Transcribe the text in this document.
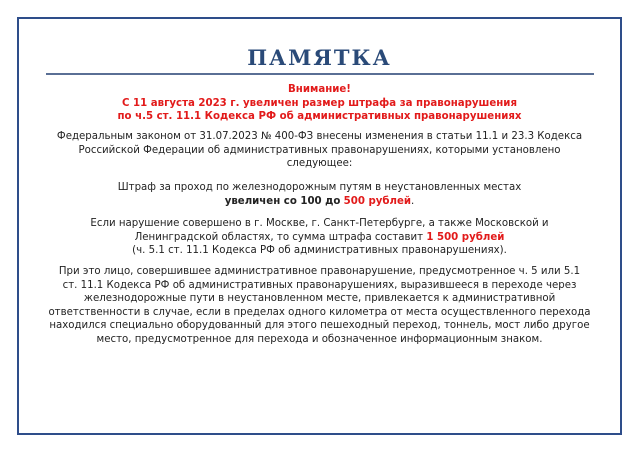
ПАМЯТКА
Внимание!
С 11 августа 2023 г. увеличен размер штрафа за правонарушения
по ч.5 ст. 11.1 Кодекса РФ об административных правонарушениях
Федеральным законом от 31.07.2023 № 400-ФЗ внесены изменения в статьи 11.1 и 23.3 Кодекса
Российской Федерации об административных правонарушениях, которыми установлено
следующее:
Штраф за проход по железнодорожным путям в неустановленных местах
увеличен со 100 до 500 рублей.
Если нарушение совершено в г. Москве, г. Санкт-Петербурге, а также Московской и
Ленинградской областях, то сумма штрафа составит 1 500 рублей
(ч. 5.1 ст. 11.1 Кодекса РФ об административных правонарушениях).
При это лицо, совершившее административное правонарушение, предусмотренное ч. 5 или 5.1
ст. 11.1 Кодекса РФ об административных правонарушениях, выразившееся в переходе через
железнодорожные пути в неустановленном месте, привлекается к административной
ответственности в случае, если в пределах одного километра от места осуществленного перехода
находился специально оборудованный для этого пешеходный переход, тоннель, мост либо другое
место, предусмотренное для перехода и обозначенное информационным знаком.
